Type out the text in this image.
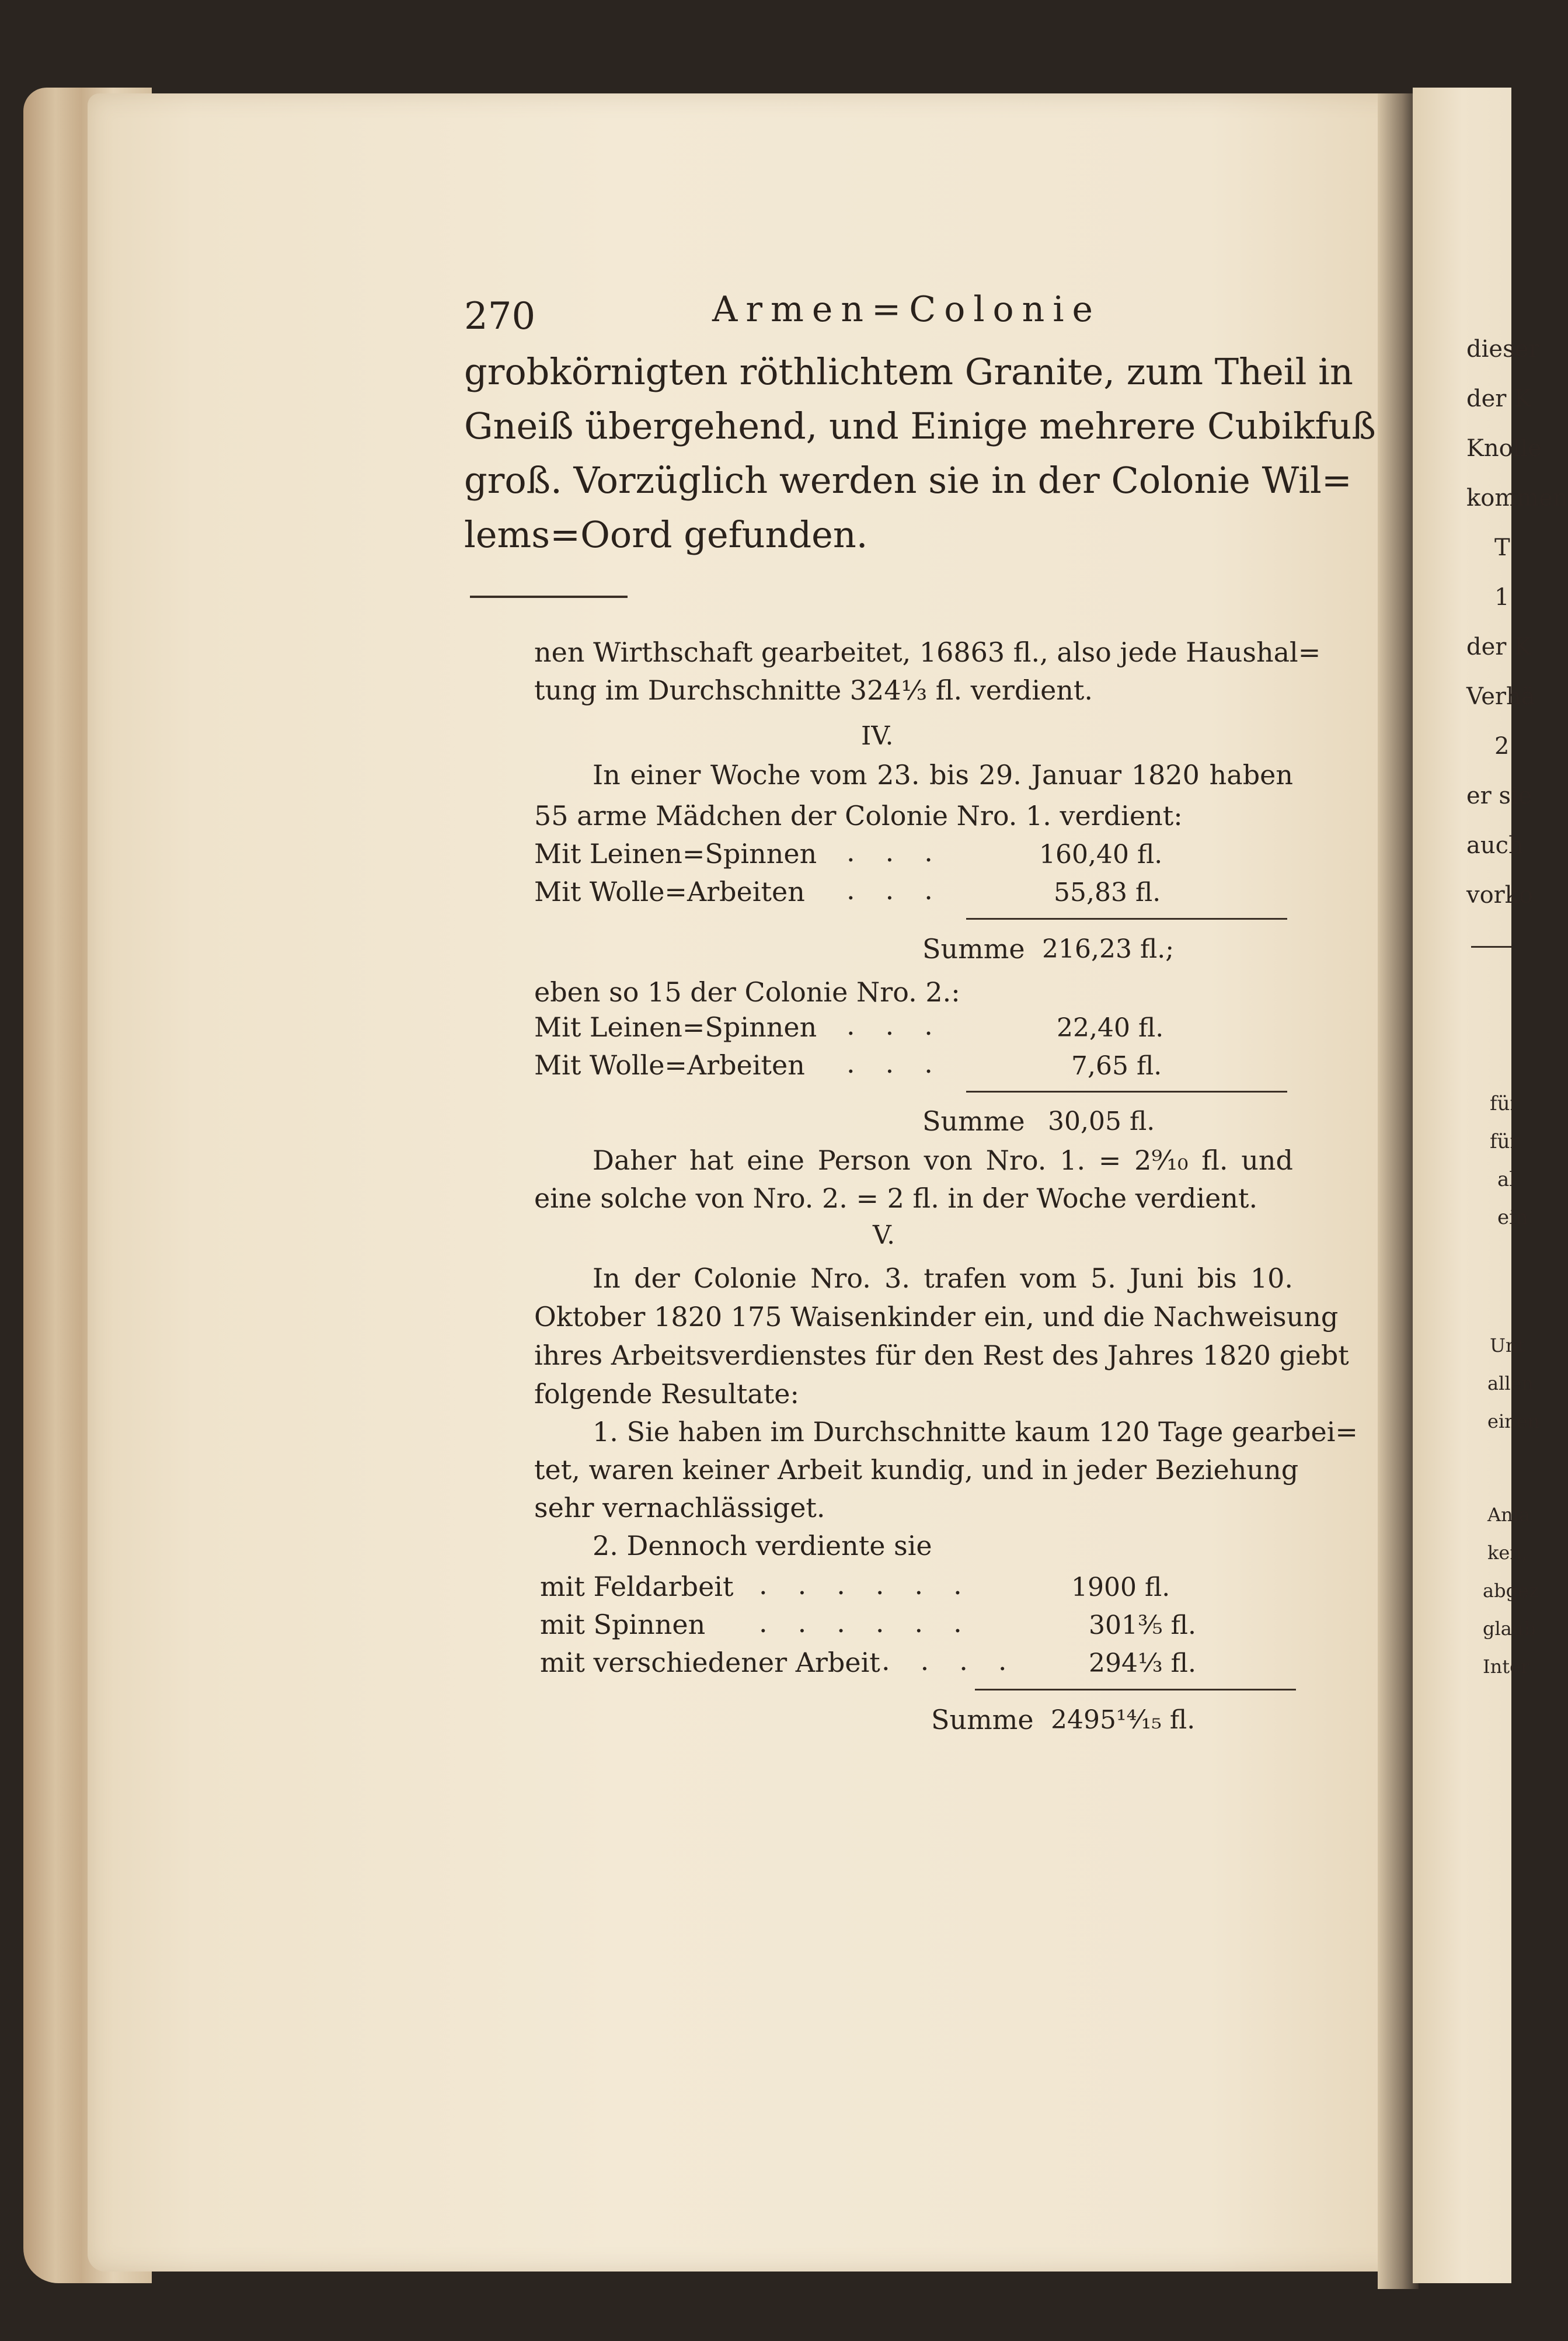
270	Armen=Colonie

grobkörnigten röthlichtem Granite, zum Theil in

Gneiß übergehend, und Einige mehrere Cubikfuß

groß. Vorzüglich werden sie in der Colonie Wil=

lems=Oord gefunden.

nen Wirthschaft gearbeitet, 16863 fl., also jede Haushal=
tung im Durchschnitte 324⅓ fl. verdient.
IV.
In einer Woche vom 23. bis 29. Januar 1820 haben
55 arme Mädchen der Colonie Nro. 1. verdient:
Mit Leinen=Spinnen ...	160,40 fl.
Mit Wolle=Arbeiten ...	55,83 fl.
Summe 216,23 fl.;
eben so 15 der Colonie Nro. 2.:
Mit Leinen=Spinnen ...	22,40 fl.
Mit Wolle=Arbeiten ...	7,65 fl.
Summe 30,05 fl.
Daher hat eine Person von Nro. 1. = 2⁹⁄₁₀ fl. und
eine solche von Nro. 2. = 2 fl. in der Woche verdient.
V.
In der Colonie Nro. 3. trafen vom 5. Juni bis 10.
Oktober 1820 175 Waisenkinder ein, und die Nachweisung
ihres Arbeitsverdienstes für den Rest des Jahres 1820 giebt
folgende Resultate:
1. Sie haben im Durchschnitte kaum 120 Tage gearbei=
tet, waren keiner Arbeit kundig, und in jeder Beziehung
sehr vernachlässiget.
2. Dennoch verdiente sie
mit Feldarbeit ......	1900 fl.
mit Spinnen ......	301⅗ fl.
mit verschiedener Arbeit .... 294⅓ fl.
Summe 2495¹⁴⁄₁₅ fl.
dieser
der K
Knolle
kommen
T
1
der K
Verhä
2
er sie
auch
vorko
für
für
al
ein
Unt
allen
einen
Anla
ken,
abgez
glaub
Inter
